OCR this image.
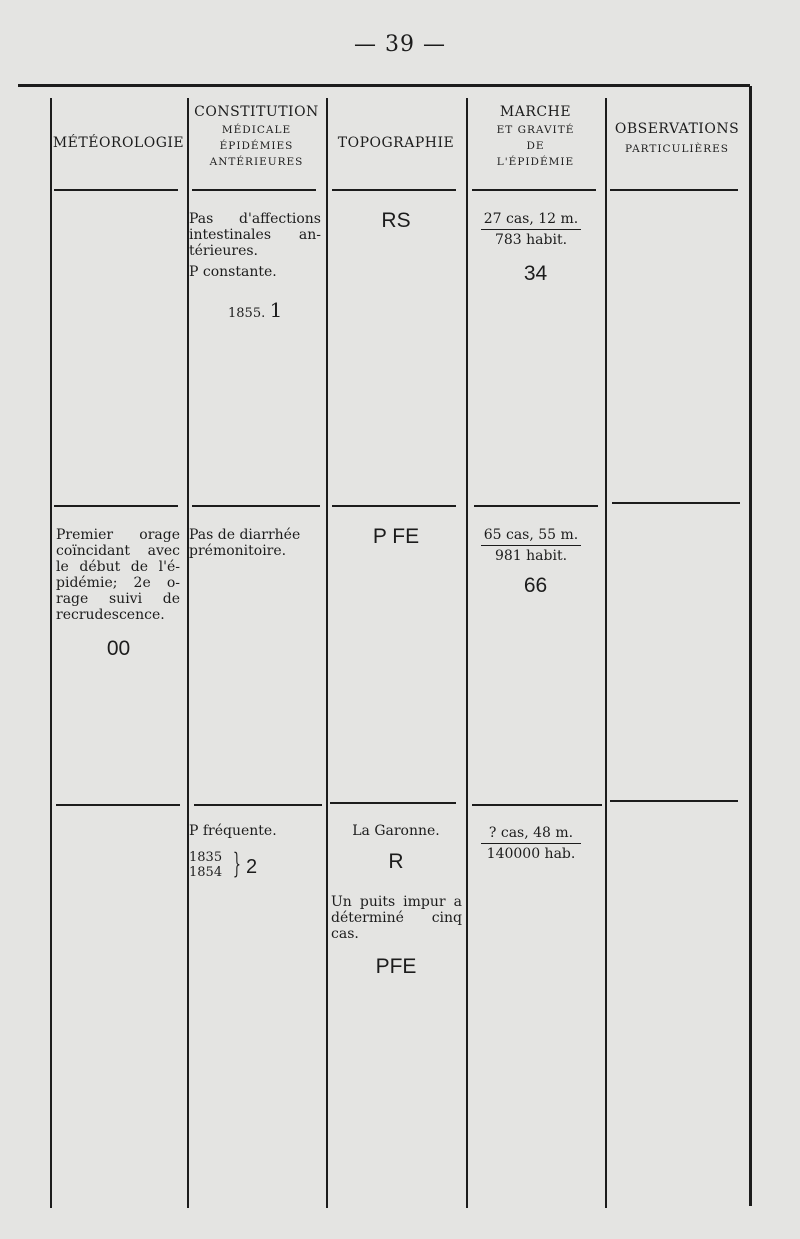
— 39 —
MÉTÉOROLOGIE
CONSTITUTION
MÉDICALE
ÉPIDÉMIES
ANTÉRIEURES
TOPOGRAPHIE
MARCHE
ET GRAVITÉ
DE
L'ÉPIDÉMIE
OBSERVATIONS
PARTICULIÈRES
Pas d'affections intestinales antérieures.
P constante.
1855. 1
RS	27 cas, 12 m.
783 habit.
34
Premier orage coïncidant avec le début de l'épidémie; 2e orage suivi de recrudescence.
00
Pas de diarrhée prémonitoire.
P FE	65 cas, 55 m.
981 habit.
66
P fréquente.
1835
1854 } 2
La Garonne.
R
Un puits impur a déterminé cinq cas.
PFE
? cas, 48 m.
140000 hab.
